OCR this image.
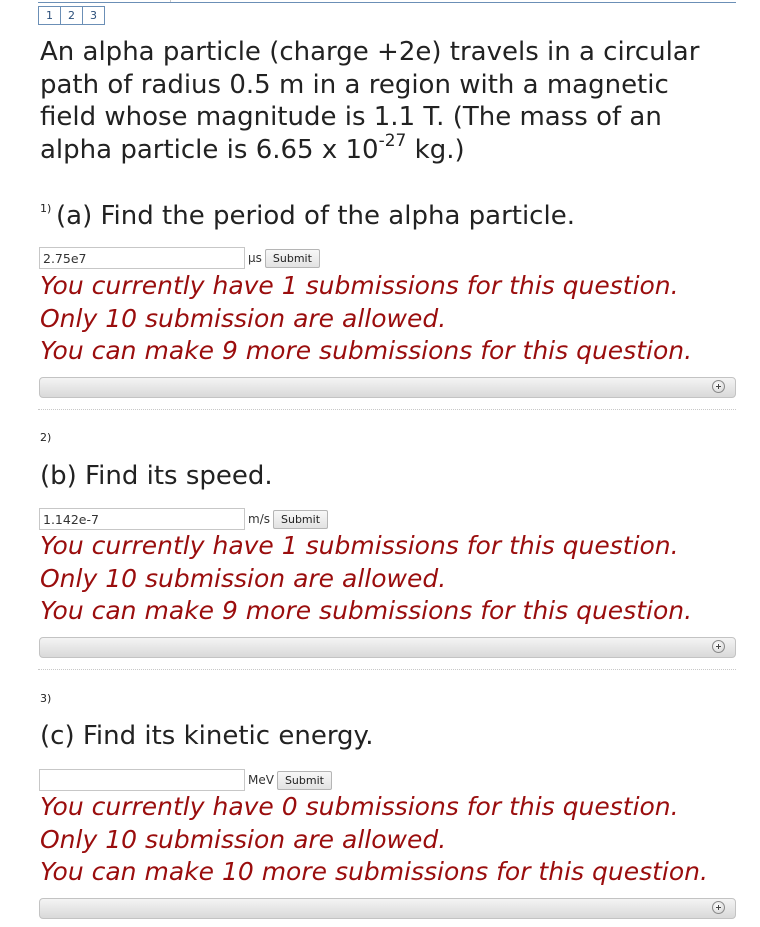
1	2	3

An alpha particle (charge +2e) travels in a circular path of radius 0.5 m in a region with a magnetic field whose magnitude is 1.1 T. (The mass of an alpha particle is 6.65 x $10^{-27}$ kg.)

1) (a) Find the period of the alpha particle.

2.75e7
μs	Submit

You currently have 1 submissions for this question. Only 10 submission are allowed.

You can make 9 more submissions for this question.

2)

(b) Find its speed.

1.142e-7
m/s	Submit

You currently have 1 submissions for this question. Only 10 submission are allowed.

You can make 9 more submissions for this question.

3)

(c) Find its kinetic energy.

MeV	Submit

You currently have 0 submissions for this question. Only 10 submission are allowed.

You can make 10 more submissions for this question.
